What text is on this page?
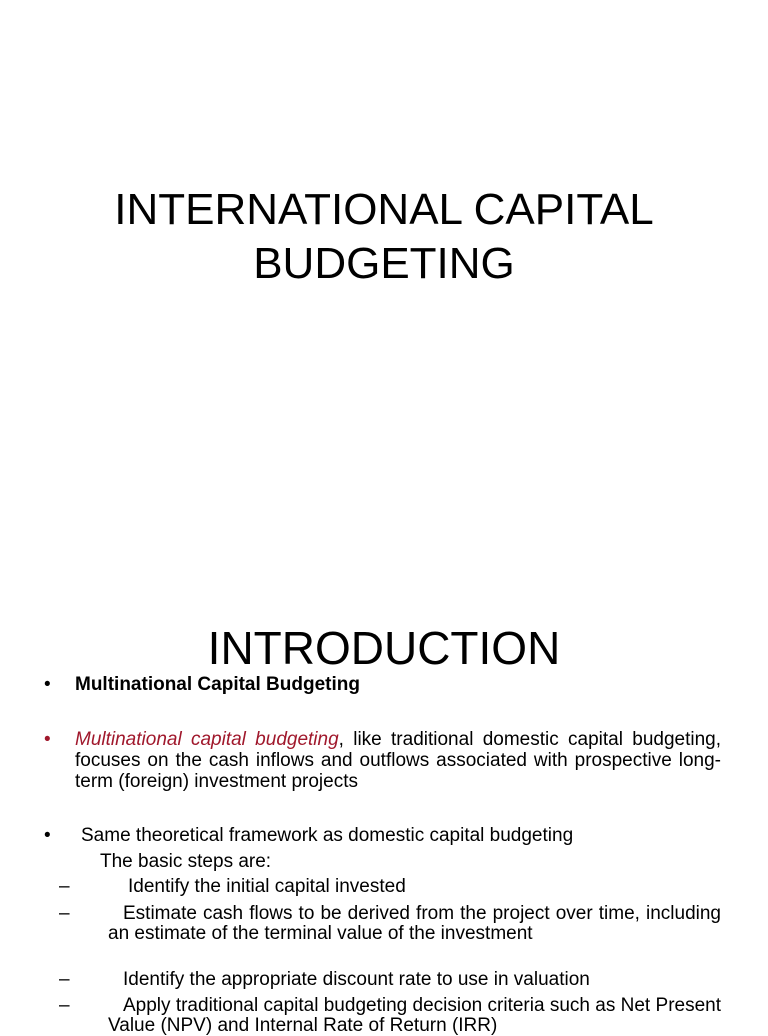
INTERNATIONAL CAPITAL
BUDGETING
INTRODUCTION
• Multinational Capital Budgeting
• Multinational capital budgeting, like traditional domestic capital budgeting, focuses on the cash inflows and outflows associated with prospective long-term (foreign) investment projects
• Same theoretical framework as domestic capital budgeting
The basic steps are:
–	Identify the initial capital invested
–	Estimate cash flows to be derived from the project over time, including an estimate of the terminal value of the investment
–	Identify the appropriate discount rate to use in valuation
–	Apply traditional capital budgeting decision criteria such as Net Present Value (NPV) and Internal Rate of Return (IRR)
